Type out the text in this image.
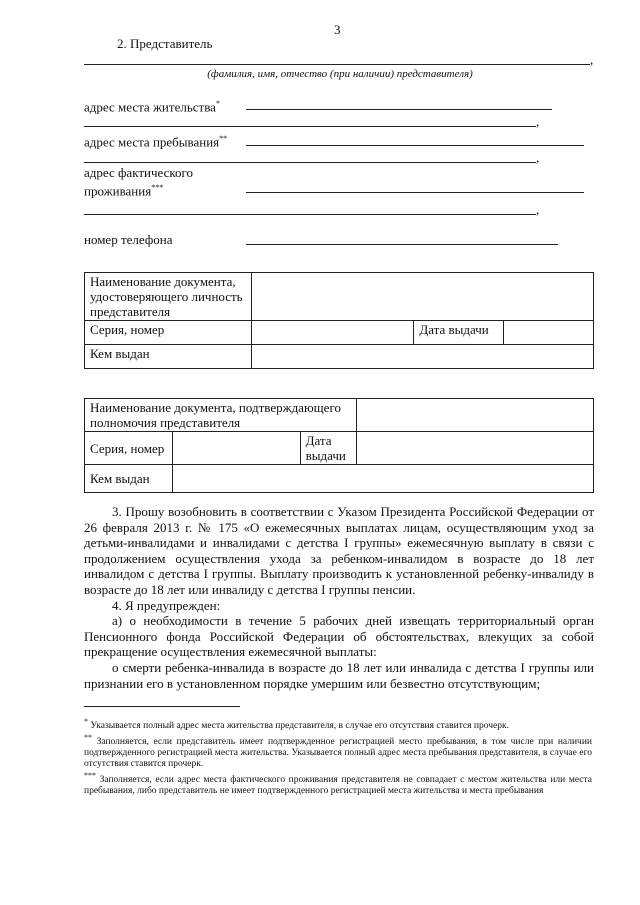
3
2. Представитель
,
(фамилия, имя, отчество (при наличии) представителя)
адрес места жительства*
,
адрес места пребывания**
,
адрес фактического
проживания***
,
номер телефона
Наименование документа, удостоверяющего личность представителя			
Серия, номер		Дата выдачи	
Кем выдан			
Наименование документа, подтверждающего полномочия представителя			
Серия, номер		Дата
выдачи	

Кем выдан			

3. Прошу возобновить в соответствии с Указом Президента Российской Федерации от 26 февраля 2013 г. № 175 «О ежемесячных выплатах лицам, осуществляющим уход за детьми-инвалидами и инвалидами с детства I группы» ежемесячную выплату в связи с продолжением осуществления ухода за ребенком-инвалидом в возрасте до 18 лет инвалидом с детства I группы. Выплату производить к установленной ребенку-инвалиду в возрасте до 18 лет или инвалиду с детства I группы пенсии.

4. Я предупрежден:

а) о необходимости в течение 5 рабочих дней извещать территориальный орган Пенсионного фонда Российской Федерации об обстоятельствах, влекущих за собой прекращение осуществления ежемесячной выплаты:

о смерти ребенка-инвалида в возрасте до 18 лет или инвалида с детства I группы или признании его в установленном порядке умершим или безвестно отсутствующим;

* Указывается полный адрес места жительства представителя, в случае его отсутствия ставится прочерк.

** Заполняется, если представитель имеет подтвержденное регистрацией место пребывания, в том числе при наличии подтвержденного регистрацией места жительства. Указывается полный адрес места пребывания представителя, в случае его отсутствия ставится прочерк.

*** Заполняется, если адрес места фактического проживания представителя не совпадает с местом жительства или места пребывания, либо представитель не имеет подтвержденного регистрацией места жительства и места пребывания
